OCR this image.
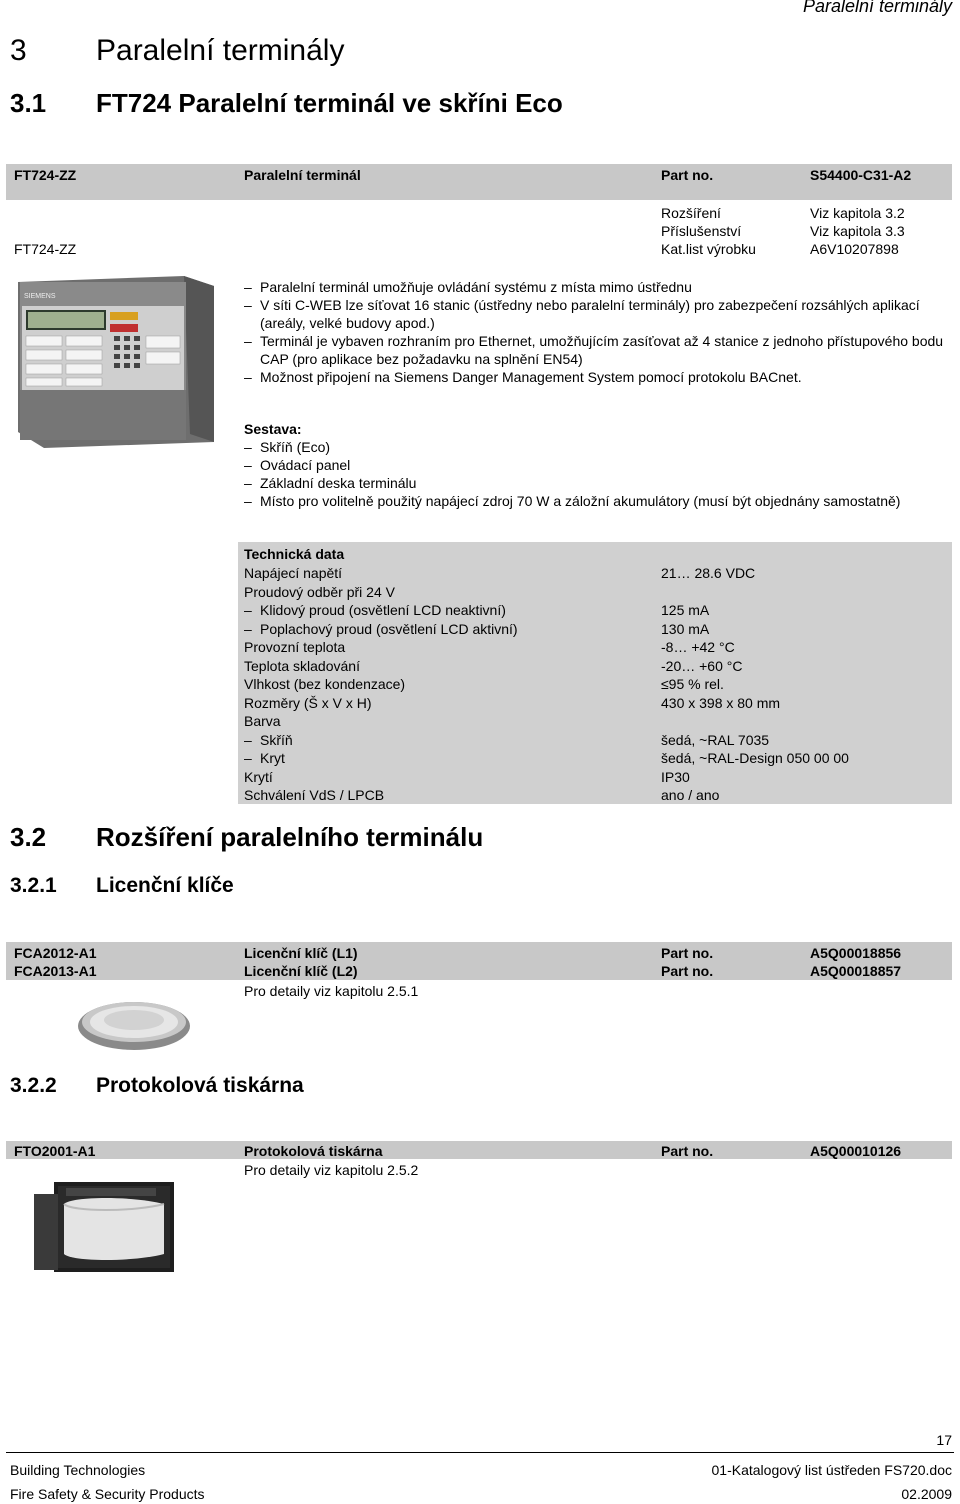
Paralelní terminály
3 Paralelní terminály
3.1 FT724 Paralelní terminál ve skříni Eco
FT724-ZZ	Paralelní terminál	Part no.	S54400-C31-A2
Rozšíření	Viz kapitola 3.2
Příslušenství	Viz kapitola 3.3
FT724-ZZ	Kat.list výrobku	A6V10207898
SIEMENS
– Paralelní terminál umožňuje ovládání systému z místa mimo ústřednu
– V síti C-WEB lze síťovat 16 stanic (ústředny nebo paralelní terminály) pro zabezpečení rozsáhlých aplikací (areály, velké budovy apod.)
– Terminál je vybaven rozhraním pro Ethernet, umožňujícím zasíťovat až 4 stanice z jednoho přístupového bodu CAP (pro aplikace bez požadavku na splnění EN54)
– Možnost připojení na Siemens Danger Management System pomocí protokolu BACnet.
Sestava:
– Skříň (Eco)
– Ovádací panel
– Základní deska terminálu
– Místo pro volitelně použitý napájecí zdroj 70 W a záložní akumulátory (musí být objednány samostatně)
Technická data
Napájecí napětí	21… 28.6 VDC
Proudový odběr při 24 V
– Klidový proud (osvětlení LCD neaktivní)	125 mA
– Poplachový proud (osvětlení LCD aktivní)	130 mA
Provozní teplota	-8… +42 °C
Teplota skladování	-20… +60 °C
Vlhkost (bez kondenzace)	≤95 % rel.
Rozměry (Š x V x H)	430 x 398 x 80 mm
Barva
– Skříň	šedá, ~RAL 7035
– Kryt	šedá, ~RAL-Design 050 00 00
Krytí	IP30
Schválení VdS / LPCB	ano / ano
3.2 Rozšíření paralelního terminálu
3.2.1 Licenční klíče
FCA2012-A1	Licenční klíč (L1)	Part no.	A5Q00018856
FCA2013-A1	Licenční klíč (L2)	Part no.	A5Q00018857
Pro detaily viz kapitolu 2.5.1
3.2.2 Protokolová tiskárna
FTO2001-A1	Protokolová tiskárna	Part no.	A5Q00010126
Pro detaily viz kapitolu 2.5.2
17
Building Technologies	01-Katalogový list ústředen FS720.doc
Fire Safety & Security Products	02.2009
